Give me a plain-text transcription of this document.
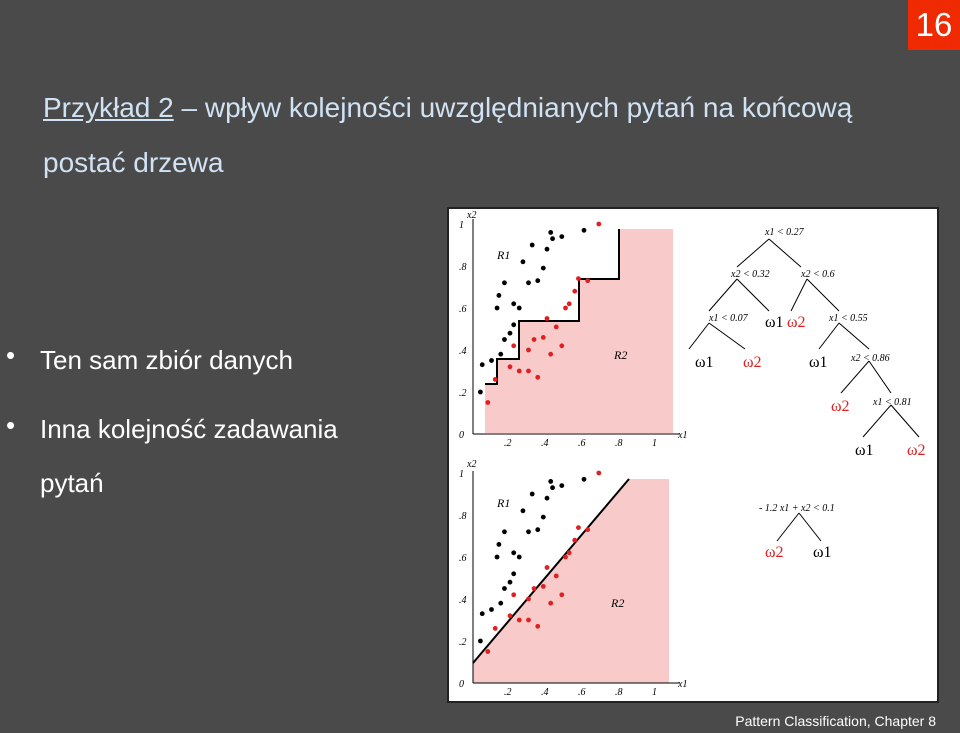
16
Przykład 2 – wpływ kolejności uwzględnianych pytań na końcową postać drzewa
• Ten sam zbiór danych
• Inna kolejność zadawania pytań
0
.2
.2
.4
.4
.6
.6
.8
.8
1
1
x1
x2
0
.2
.2
.4
.4
.6
.6
.8
.8
1
1
x1
x2
R1
R2
R1
R2
x1 < 0.27
x2 < 0.32	x2 < 0.6
x1 < 0.07	x1 < 0.55
x2 < 0.86
x1 < 0.81
ω1 ω2
ω1 ω2	ω1
ω2
ω1 ω2
- 1.2 x1 + x2 < 0.1
ω2 ω1
Pattern Classification, Chapter 8
